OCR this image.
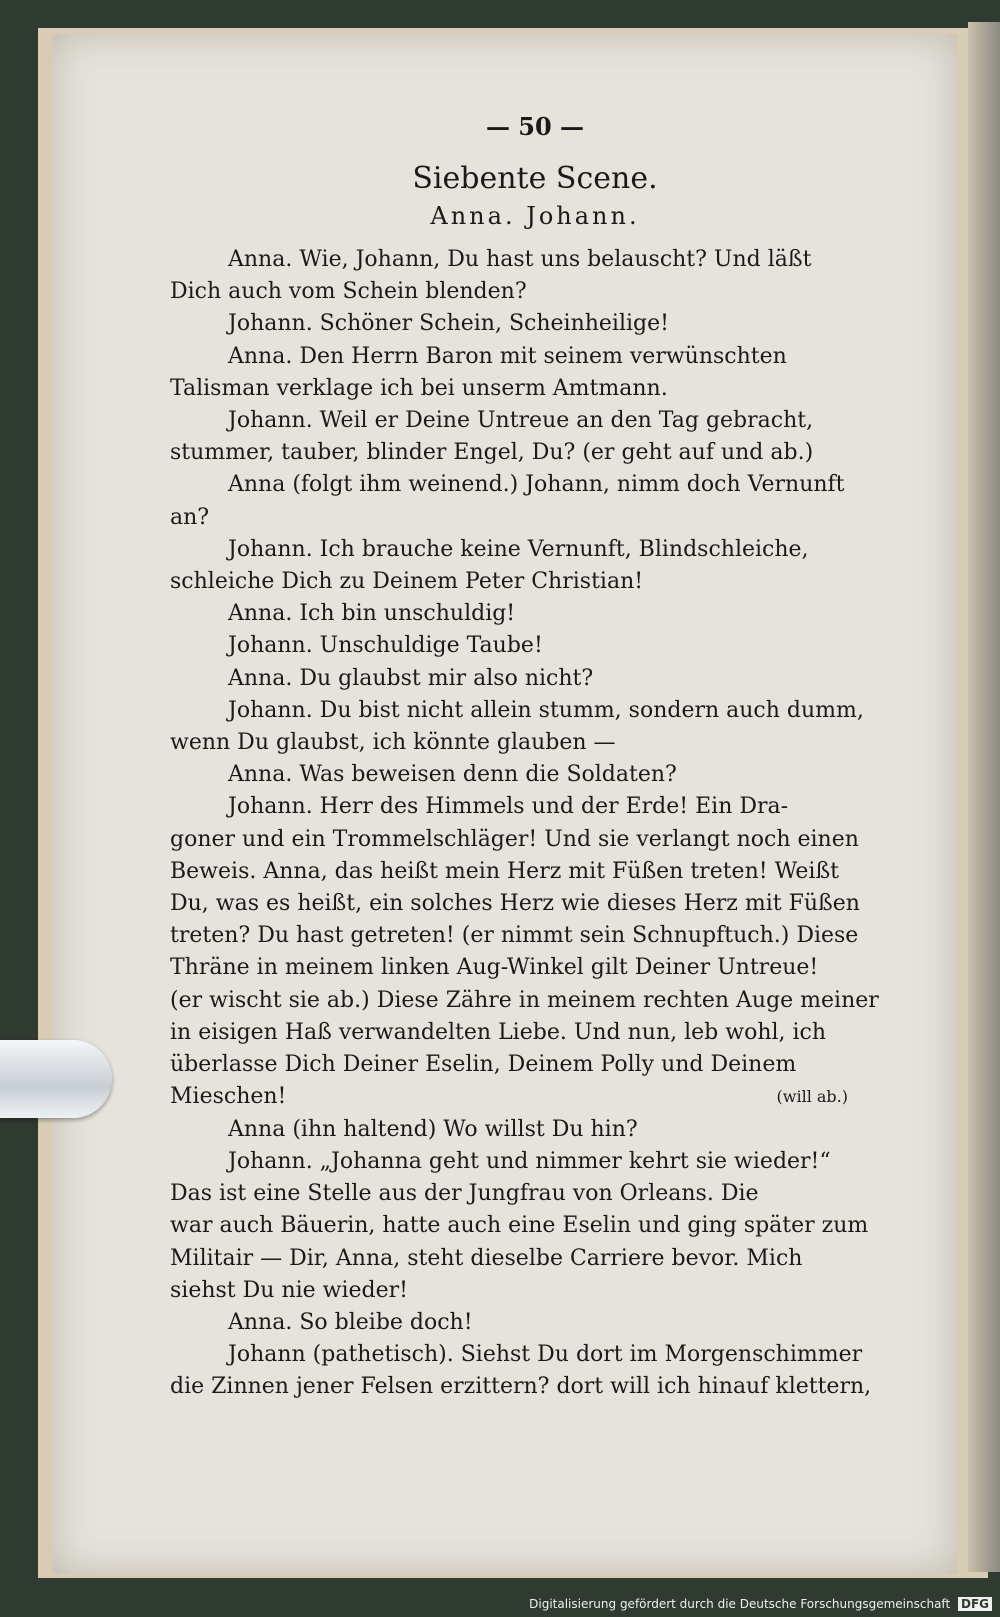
— 50 —
Siebente Scene.
Anna. Johann.

Anna. Wie, Johann, Du hast uns belauscht? Und läßt

Dich auch vom Schein blenden?

Johann. Schöner Schein, Scheinheilige!

Anna. Den Herrn Baron mit seinem verwünschten

Talisman verklage ich bei unserm Amtmann.

Johann. Weil er Deine Untreue an den Tag gebracht,

stummer, tauber, blinder Engel, Du? (er geht auf und ab.)

Anna (folgt ihm weinend.) Johann, nimm doch Vernunft

an?

Johann. Ich brauche keine Vernunft, Blindschleiche,

schleiche Dich zu Deinem Peter Christian!

Anna. Ich bin unschuldig!

Johann. Unschuldige Taube!

Anna. Du glaubst mir also nicht?

Johann. Du bist nicht allein stumm, sondern auch dumm,

wenn Du glaubst, ich könnte glauben —

Anna. Was beweisen denn die Soldaten?

Johann. Herr des Himmels und der Erde! Ein Dra-

goner und ein Trommelschläger! Und sie verlangt noch einen

Beweis. Anna, das heißt mein Herz mit Füßen treten! Weißt

Du, was es heißt, ein solches Herz wie dieses Herz mit Füßen

treten? Du hast getreten! (er nimmt sein Schnupftuch.) Diese

Thräne in meinem linken Aug-Winkel gilt Deiner Untreue!

(er wischt sie ab.) Diese Zähre in meinem rechten Auge meiner

in eisigen Haß verwandelten Liebe. Und nun, leb wohl, ich

überlasse Dich Deiner Eselin, Deinem Polly und Deinem

Mieschen!	(will ab.)

Anna (ihn haltend) Wo willst Du hin?

Johann. „Johanna geht und nimmer kehrt sie wieder!“

Das ist eine Stelle aus der Jungfrau von Orleans. Die

war auch Bäuerin, hatte auch eine Eselin und ging später zum

Militair — Dir, Anna, steht dieselbe Carriere bevor. Mich

siehst Du nie wieder!

Anna. So bleibe doch!

Johann (pathetisch). Siehst Du dort im Morgenschimmer

die Zinnen jener Felsen erzittern? dort will ich hinauf klettern,

Digitalisierung gefördert durch die Deutsche Forschungsgemeinschaft DFG
